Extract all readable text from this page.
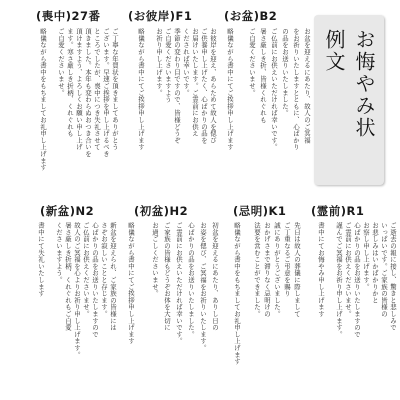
お悔やみ状
例文
(喪中)27番
ご丁寧な年賀状を頂きましてありがとう
ございます。早速ご挨拶を申し上げるべき
ところでしたが、喪中につき失礼させて
頂きました。本年も変わらぬおつき合いを
頂けますよう、よろしくお願い申し上げ
ます。寒さ厳しき折柄、くれぐれも
ご自愛くださいませ。
略儀ながら書中をもちましてお礼申し上げます
(お彼岸)F1
お彼岸を迎え、あらためて故人を偲び
ご供養申し上げたく、心ばかりの品を
お届けいたします。ご霊前にお供え
くだされば幸いです。
季節の変わり目ですので、皆様どうぞ
ご自愛くださいますよう
お祈り申し上げます。
略儀ながら書中にてご挨拶申し上げます
(お盆)B2
お盆を迎えるにあたり、故人のご冥福
をお祈りいたしますとともに、心ばかり
の品をお送りいたしました。
ご仏前にお供えいただければ幸いです。
暑さ厳しき折、皆様くれぐれも
ご自愛くださいませ。
略儀ながら書中にてご挨拶申し上げます
(新盆)N2
新盆を迎えられ、ご家族の皆様には
さぞお寂しいことと存じます。
心ばかりの品をお送りいたしますので
ご仏前にお供えくださいませ。
故人のご冥福を心よりお祈り申し上げます。
暑さ厳しき折柄、くれぐれもご自愛
くださいますよう。
書中にて失礼いたします
(初盆)H2
初盆を迎えるにあたり、ありし日の
お姿を偲び、ご冥福をお祈りいたします。
心ばかりの品をお送りいたしました。
ご霊前にお供えいただければ幸いです。
ご家族の皆様もどうぞお体を大切に
お過ごしくださいませ。
略儀ながら書中にてご挨拶申し上げます
(忌明)K1
先日は故人の葬儀に際しまして
ご丁重なるご弔意を賜り
誠にありがとうございました。
おかげさまで滞りなく忌明けの
法要を営むことができました。
略儀ながら書中をもちましてお礼申し上げます
(霊前)R1
ご逝去の報に接し、驚きと悲しみで
いっぱいです。ご家族の皆様の
お悲しみはいかばかりかと
お察し申し上げます。
心ばかりの品をお送りいたしますので
ご霊前にお供えくださいませ。
謹んでご冥福をお祈り申し上げます。
書中にてお悔やみ申し上げます
